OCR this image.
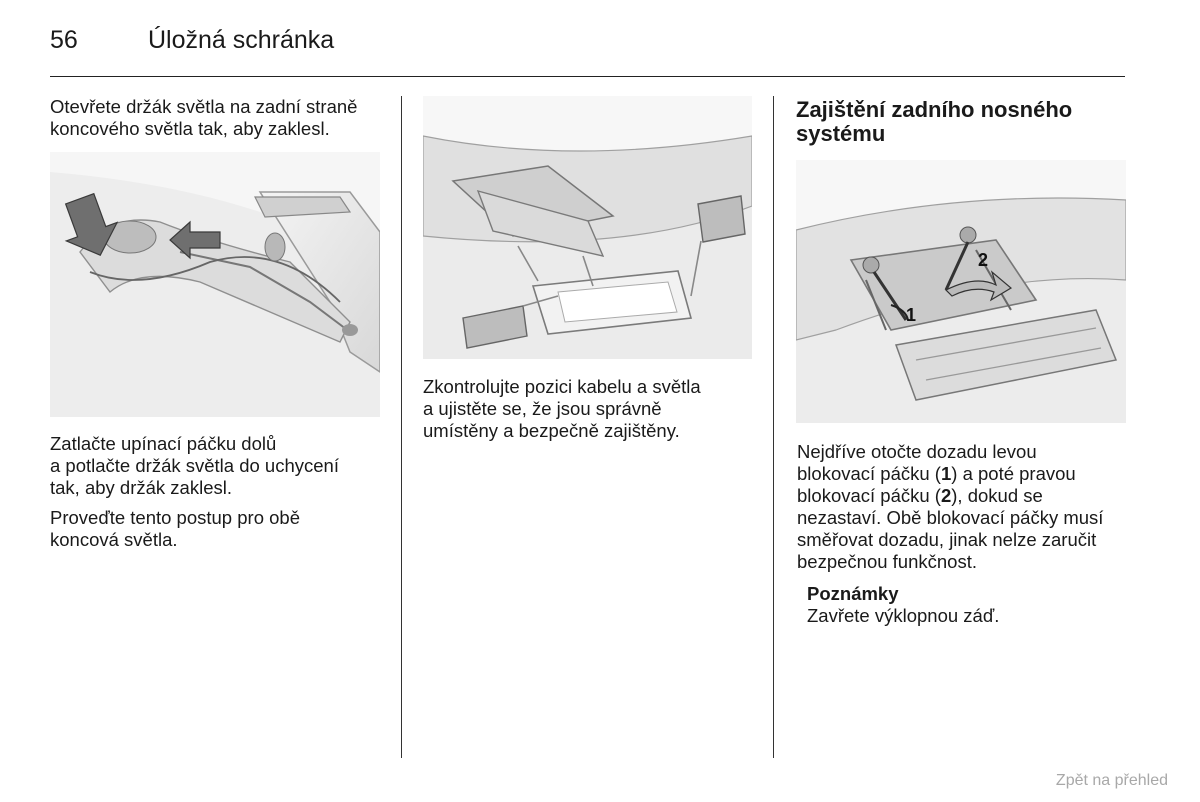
56	Úložná schránka

Otevřete držák světla na zadní straně
koncového světla tak, aby zaklesl.

Zatlačte upínací páčku dolů
a potlačte držák světla do uchycení
tak, aby držák zaklesl.

Proveďte tento postup pro obě
koncová světla.

Zkontrolujte pozici kabelu a světla
a ujistěte se, že jsou správně
umístěny a bezpečně zajištěny.

Zajištění zadního nosného
systému

1
2

Nejdříve otočte dozadu levou
blokovací páčku (1) a poté pravou
blokovací páčku (2), dokud se
nezastaví. Obě blokovací páčky musí
směřovat dozadu, jinak nelze zaručit
bezpečnou funkčnost.

Poznámky

Zavřete výklopnou záď.

Zpět na přehled
